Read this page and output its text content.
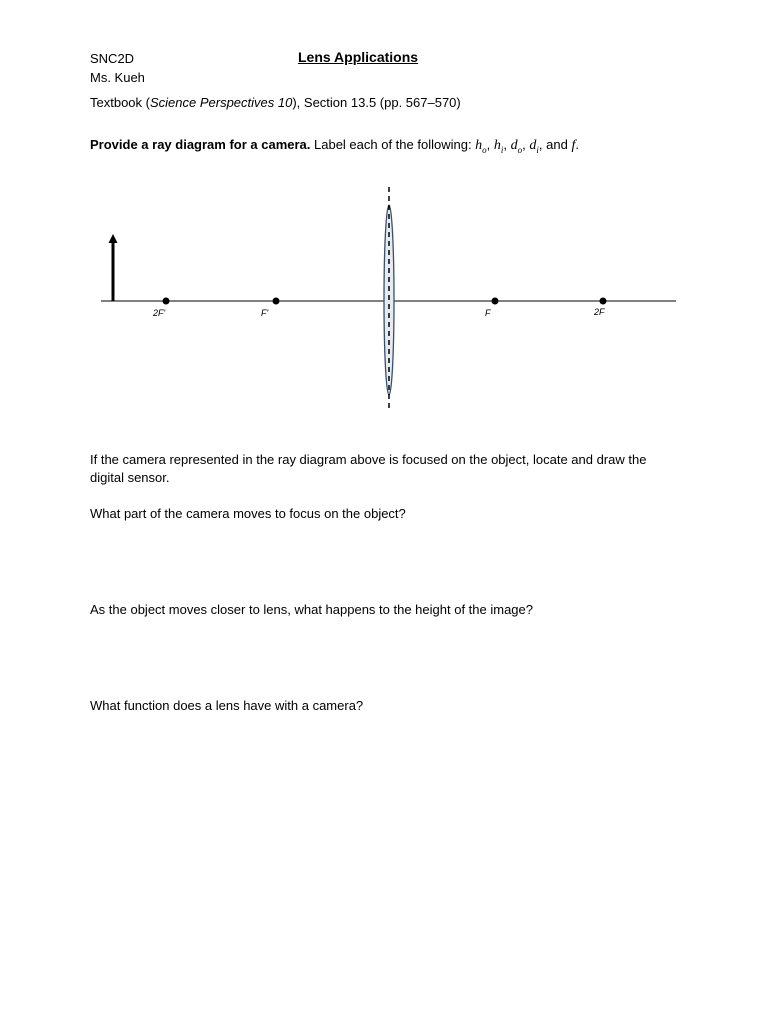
SNC2D
Ms. Kueh
Lens Applications
Textbook (Science Perspectives 10), Section 13.5 (pp. 567–570)
Provide a ray diagram for a camera. Label each of the following: $h_o$, $h_i$, $d_o$, $d_i$, and f.
2F'	F'	F	2F
If the camera represented in the ray diagram above is focused on the object, locate and draw the digital sensor.
What part of the camera moves to focus on the object?
As the object moves closer to lens, what happens to the height of the image?
What function does a lens have with a camera?
